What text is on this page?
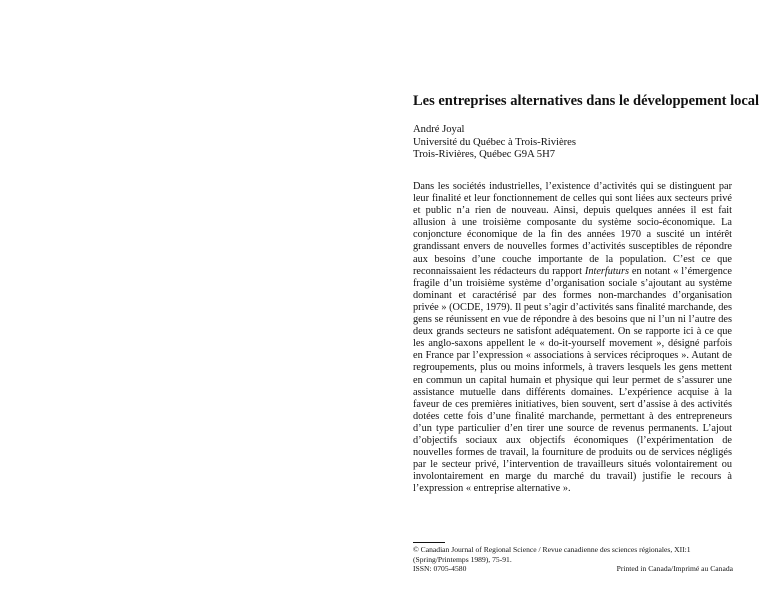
Les entreprises alternatives dans le développement local
André Joyal
Université du Québec à Trois-Rivières
Trois-Rivières, Québec G9A 5H7

Dans les sociétés industrielles, l’existence d’activités qui se distinguent par leur finalité et leur fonctionnement de celles qui sont liées aux secteurs privé et public n’a rien de nouveau. Ainsi, depuis quelques années il est fait allusion à une troisième composante du système socio-économique. La conjoncture économique de la fin des années 1970 a suscité un intérêt grandissant envers de nouvelles formes d’activités susceptibles de répondre aux besoins d’une couche importante de la population. C’est ce que reconnaissaient les rédacteurs du rapport Interfuturs en notant « l’émergence fragile d’un troisième système d’organisation sociale s’ajoutant au système dominant et caractérisé par des formes non-marchandes d’organisation privée » (OCDE, 1979). Il peut s’agir d’activités sans finalité marchande, des gens se réunissent en vue de répondre à des besoins que ni l’un ni l’autre des deux grands secteurs ne satisfont adéquatement. On se rapporte ici à ce que les anglo-saxons appellent le « do-it-yourself movement », désigné parfois en France par l’expression « associations à services réciproques ». Autant de regroupements, plus ou moins informels, à travers lesquels les gens mettent en commun un capital humain et physique qui leur permet de s’assurer une assistance mutuelle dans différents domaines. L’expérience acquise à la faveur de ces premières initiatives, bien souvent, sert d’assise à des activités dotées cette fois d’une finalité marchande, permettant à des entrepreneurs d’un type particulier d’en tirer une source de revenus permanents. L’ajout d’objectifs sociaux aux objectifs économiques (l’expérimentation de nouvelles formes de travail, la fourniture de produits ou de services négligés par le secteur privé, l’intervention de travailleurs situés volontairement ou involontairement en marge du marché du travail) justifie le recours à l’expression « entreprise alternative ».

© Canadian Journal of Regional Science / Revue canadienne des sciences régionales, XII:1
(Spring/Printemps 1989), 75-91.
ISSN: 0705-4580	Printed in Canada/Imprimé au Canada
